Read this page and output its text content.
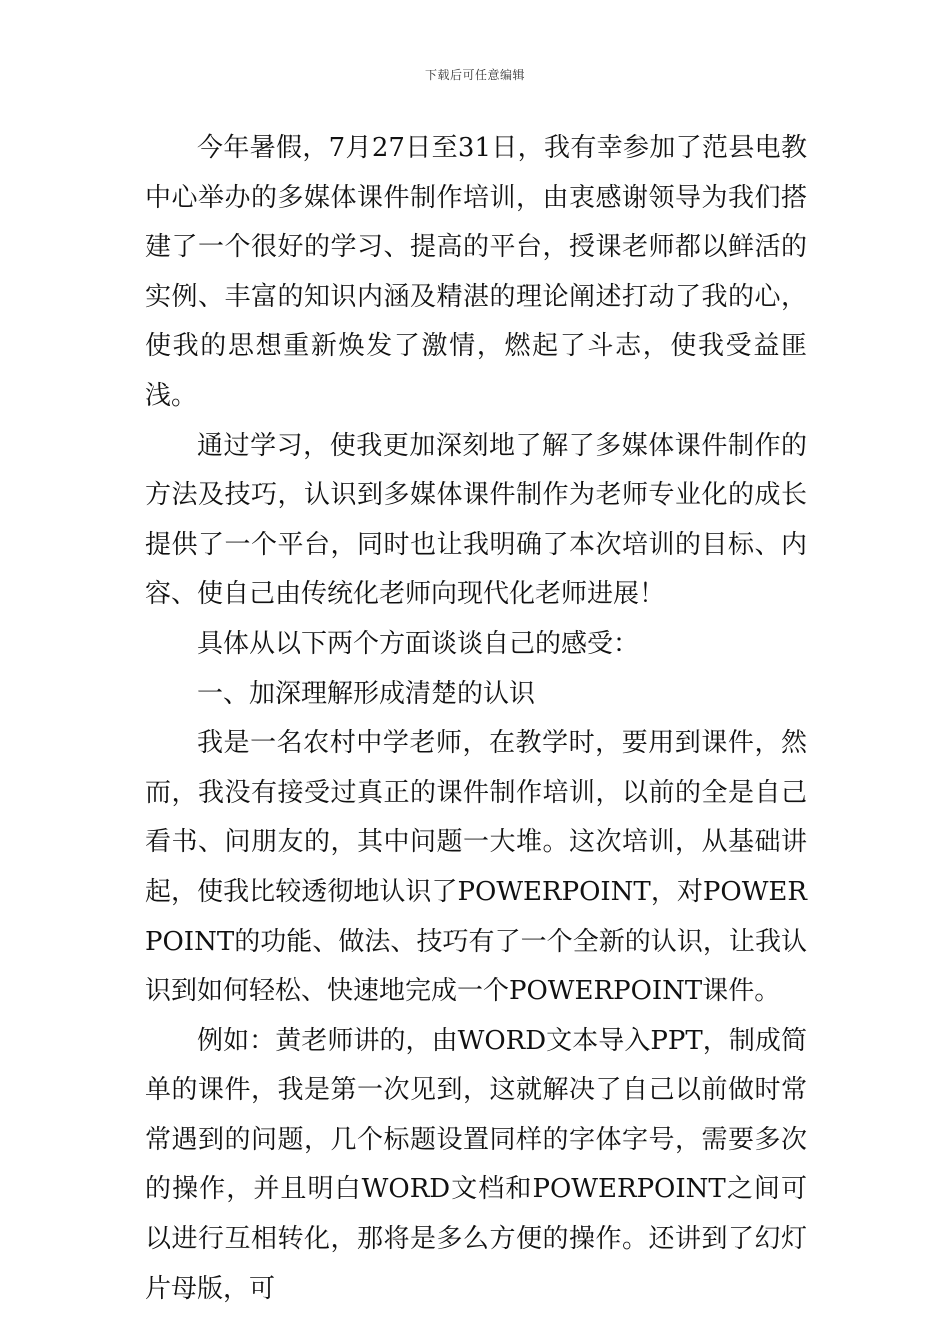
下载后可任意编辑

今年暑假，7月27日至31日，我有幸参加了范县电教中心举办的多媒体课件制作培训，由衷感谢领导为我们搭建了一个很好的学习、提高的平台，授课老师都以鲜活的实例、丰富的知识内涵及精湛的理论阐述打动了我的心，使我的思想重新焕发了激情，燃起了斗志，使我受益匪浅。

通过学习，使我更加深刻地了解了多媒体课件制作的方法及技巧，认识到多媒体课件制作为老师专业化的成长提供了一个平台，同时也让我明确了本次培训的目标、内容、使自己由传统化老师向现代化老师进展！

具体从以下两个方面谈谈自己的感受：

一、加深理解形成清楚的认识

我是一名农村中学老师，在教学时，要用到课件，然而，我没有接受过真正的课件制作培训，以前的全是自己看书、问朋友的，其中问题一大堆。这次培训，从基础讲起，使我比较透彻地认识了POWERPOINT，对POWERPOINT的功能、做法、技巧有了一个全新的认识，让我认识到如何轻松、快速地完成一个POWERPOINT课件。

例如：黄老师讲的，由WORD文本导入PPT，制成简单的课件，我是第一次见到，这就解决了自己以前做时常常遇到的问题，几个标题设置同样的字体字号，需要多次的操作，并且明白WORD文档和POWERPOINT之间可以进行互相转化，那将是多么方便的操作。还讲到了幻灯片母版，可
